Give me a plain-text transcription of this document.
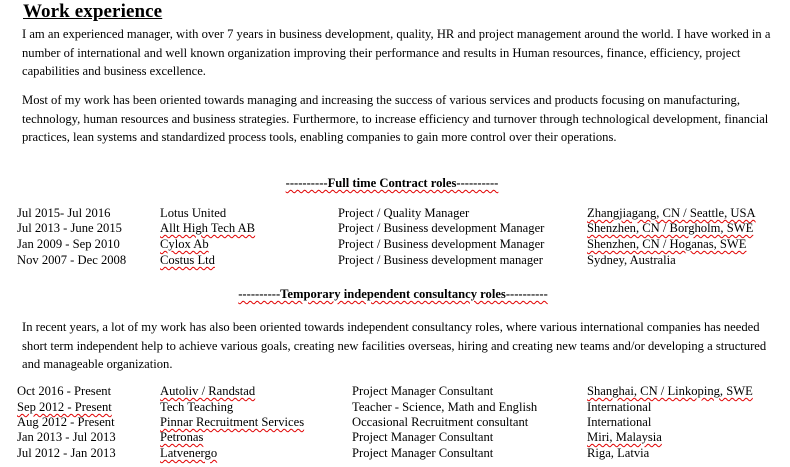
Work experience

I am an experienced manager, with over 7 years in business development, quality, HR and project management around the world. I have worked in a number of international and well known organization improving their performance and results in Human resources, finance, efficiency, project capabilities and business excellence.

Most of my work has been oriented towards managing and increasing the success of various services and products focusing on manufacturing, technology, human resources and business strategies. Furthermore, to increase efficiency and turnover through technological development, financial practices, lean systems and standardized process tools, enabling companies to gain more control over their operations.

----------Full time Contract roles----------

Jul 2015- Jul 2016	Lotus United	Project / Quality Manager	Zhangjiagang, CN / Seattle, USA
Jul 2013 - June 2015	Allt High Tech AB	Project / Business development Manager	Shenzhen, CN / Borgholm, SWE
Jan 2009 - Sep 2010	Cylox Ab	Project / Business development Manager	Shenzhen, CN / Hoganas, SWE
Nov 2007 - Dec 2008	Costus Ltd	Project / Business development manager	Sydney, Australia

----------Temporary independent consultancy roles----------

In recent years, a lot of my work has also been oriented towards independent consultancy roles, where various international companies has needed short term independent help to achieve various goals, creating new facilities overseas, hiring and creating new teams and/or developing a structured and manageable organization.

Oct 2016 - Present	Autoliv / Randstad	Project Manager Consultant	Shanghai, CN / Linkoping, SWE
Sep 2012 - Present	Tech Teaching	Teacher - Science, Math and English	International
Aug 2012 - Present	Pinnar Recruitment Services	Occasional Recruitment consultant	International
Jan 2013 - Jul 2013	Petronas	Project Manager Consultant	Miri, Malaysia
Jul 2012 - Jan 2013	Latvenergo	Project Manager Consultant	Riga, Latvia
